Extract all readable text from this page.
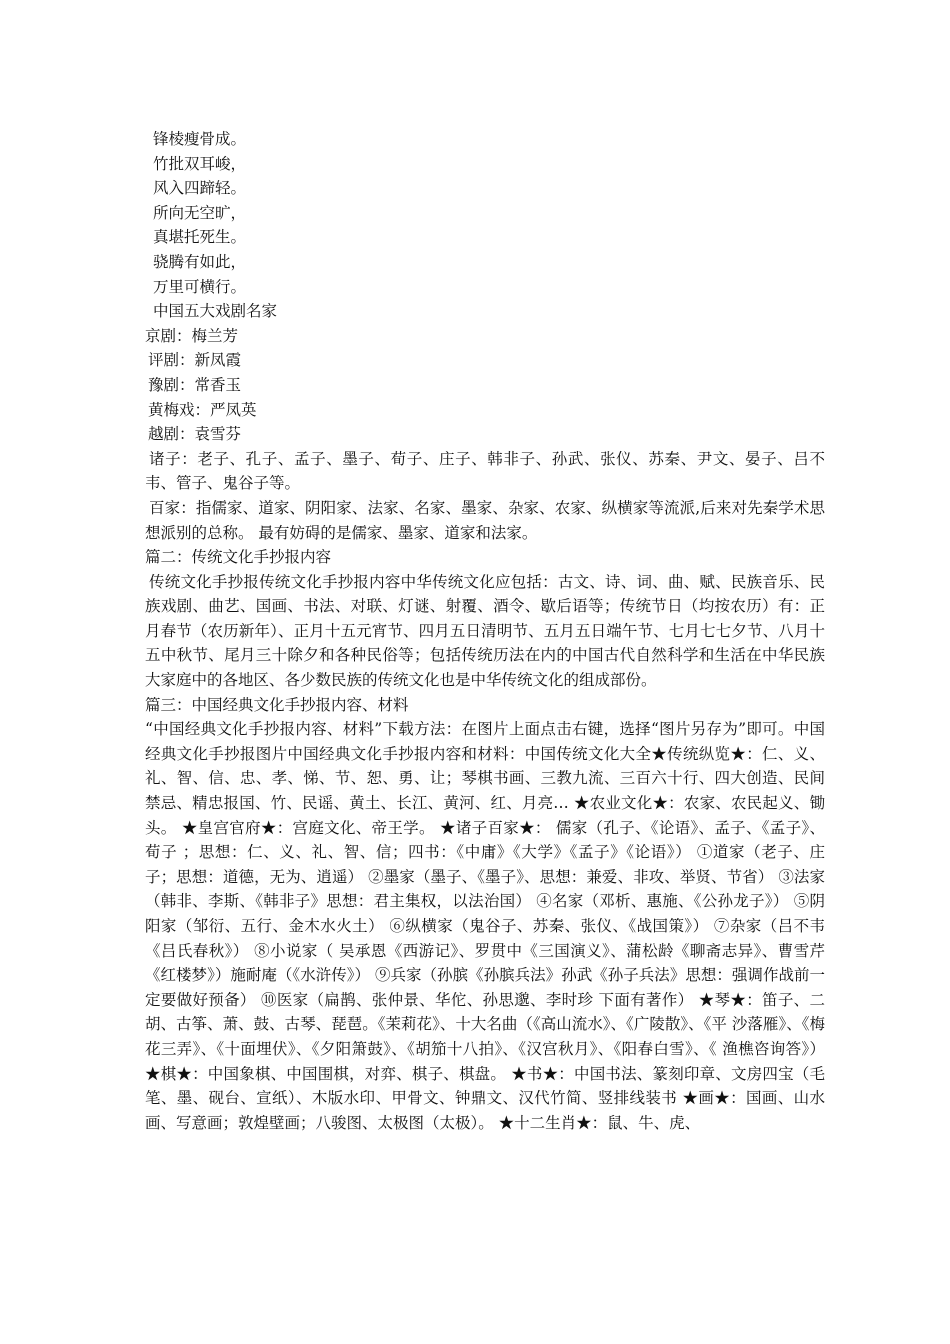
锋棱瘦骨成。
竹批双耳峻，
风入四蹄轻。
所向无空旷，
真堪托死生。
骁腾有如此，
万里可横行。
中国五大戏剧名家
京剧：梅兰芳
评剧：新凤霞
豫剧：常香玉
黄梅戏：严凤英
越剧：袁雪芬
诸子：老子、孔子、孟子、墨子、荀子、庄子、韩非子、孙武、张仪、苏秦、尹文、晏子、吕不韦、管子、鬼谷子等。
百家：指儒家、道家、阴阳家、法家、名家、墨家、杂家、农家、纵横家等流派,后来对先秦学术思想派别的总称。 最有妨碍的是儒家、墨家、道家和法家。
篇二：传统文化手抄报内容
传统文化手抄报传统文化手抄报内容中华传统文化应包括：古文、诗、词、曲、赋、民族音乐、民族戏剧、曲艺、国画、书法、对联、灯谜、射覆、酒令、歇后语等；传统节日（均按农历）有：正月春节（农历新年）、正月十五元宵节、四月五日清明节、五月五日端午节、七月七七夕节、八月十五中秋节、尾月三十除夕和各种民俗等；包括传统历法在内的中国古代自然科学和生活在中华民族大家庭中的各地区、各少数民族的传统文化也是中华传统文化的组成部份。
篇三：中国经典文化手抄报内容、材料
“中国经典文化手抄报内容、材料”下载方法：在图片上面点击右键，选择“图片另存为”即可。中国经典文化手抄报图片中国经典文化手抄报内容和材料：中国传统文化大全★传统纵览★：仁、义、礼、智、信、忠、孝、悌、节、恕、勇、让；琴棋书画、三教九流、三百六十行、四大创造、民间禁忌、精忠报国、竹、民谣、黄土、长江、黄河、红、月亮… ★农业文化★：农家、农民起义、锄头。 ★皇宫官府★：宫庭文化、帝王学。 ★诸子百家★： 儒家（孔子、《论语》、孟子、《孟子》、荀子 ；思想：仁、义、礼、智、信；四书：《中庸》《大学》《孟子》《论语》） ①道家（老子、庄子；思想：道德，无为、逍遥） ②墨家（墨子、《墨子》、思想：兼爱、非攻、举贤、节省） ③法家（韩非、李斯、《韩非子》思想：君主集权，以法治国） ④名家（邓析、惠施、《公孙龙子》） ⑤阴阳家（邹衍、五行、金木水火土） ⑥纵横家（鬼谷子、苏秦、张仪、《战国策》） ⑦杂家（吕不韦《吕氏春秋》） ⑧小说家（ 吴承恩《西游记》、罗贯中《三国演义》、蒲松龄《聊斋志异》、曹雪芹《红楼梦》）施耐庵（《水浒传》） ⑨兵家（孙膑《孙膑兵法》孙武《孙子兵法》思想：强调作战前一定要做好预备） ⑩医家（扁鹊、张仲景、华佗、孙思邈、李时珍 下面有著作） ★琴★：笛子、二胡、古筝、萧、鼓、古琴、琵琶。《茉莉花》、十大名曲（《高山流水》、《广陵散》、《平 沙落雁》、《梅花三弄》、《十面埋伏》、《夕阳箫鼓》、《胡笳十八拍》、《汉宫秋月》、《阳春白雪》、《 渔樵咨询答》） ★棋★：中国象棋、中国围棋，对弈、棋子、棋盘。 ★书★：中国书法、篆刻印章、文房四宝（毛笔、墨、砚台、宣纸）、木版水印、甲骨文、钟鼎文、汉代竹简、竖排线装书 ★画★：国画、山水画、写意画；敦煌壁画；八骏图、太极图（太极）。 ★十二生肖★：鼠、牛、虎、
